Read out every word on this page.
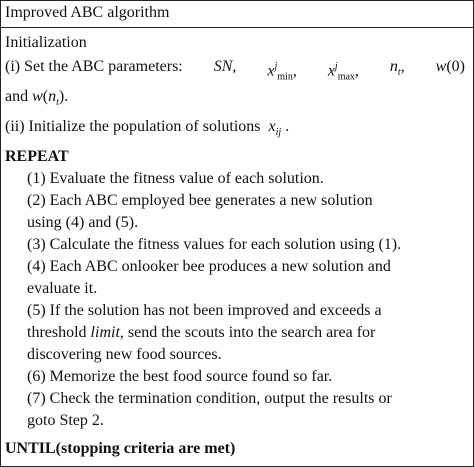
Improved ABC algorithm
Initialization
(i) Set the ABC parameters: SN, $x^j_{min}$, $x^j_{max}$, $n_t$, w(0)
and $w(n_t)$.
(ii) Initialize the population of solutions $x_{ij}$ .
REPEAT
(1) Evaluate the fitness value of each solution.
(2) Each ABC employed bee generates a new solution
using (4) and (5).
(3) Calculate the fitness values for each solution using (1).
(4) Each ABC onlooker bee produces a new solution and
evaluate it.
(5) If the solution has not been improved and exceeds a
threshold limit, send the scouts into the search area for
discovering new food sources.
(6) Memorize the best food source found so far.
(7) Check the termination condition, output the results or
goto Step 2.
UNTIL(stopping criteria are met)
